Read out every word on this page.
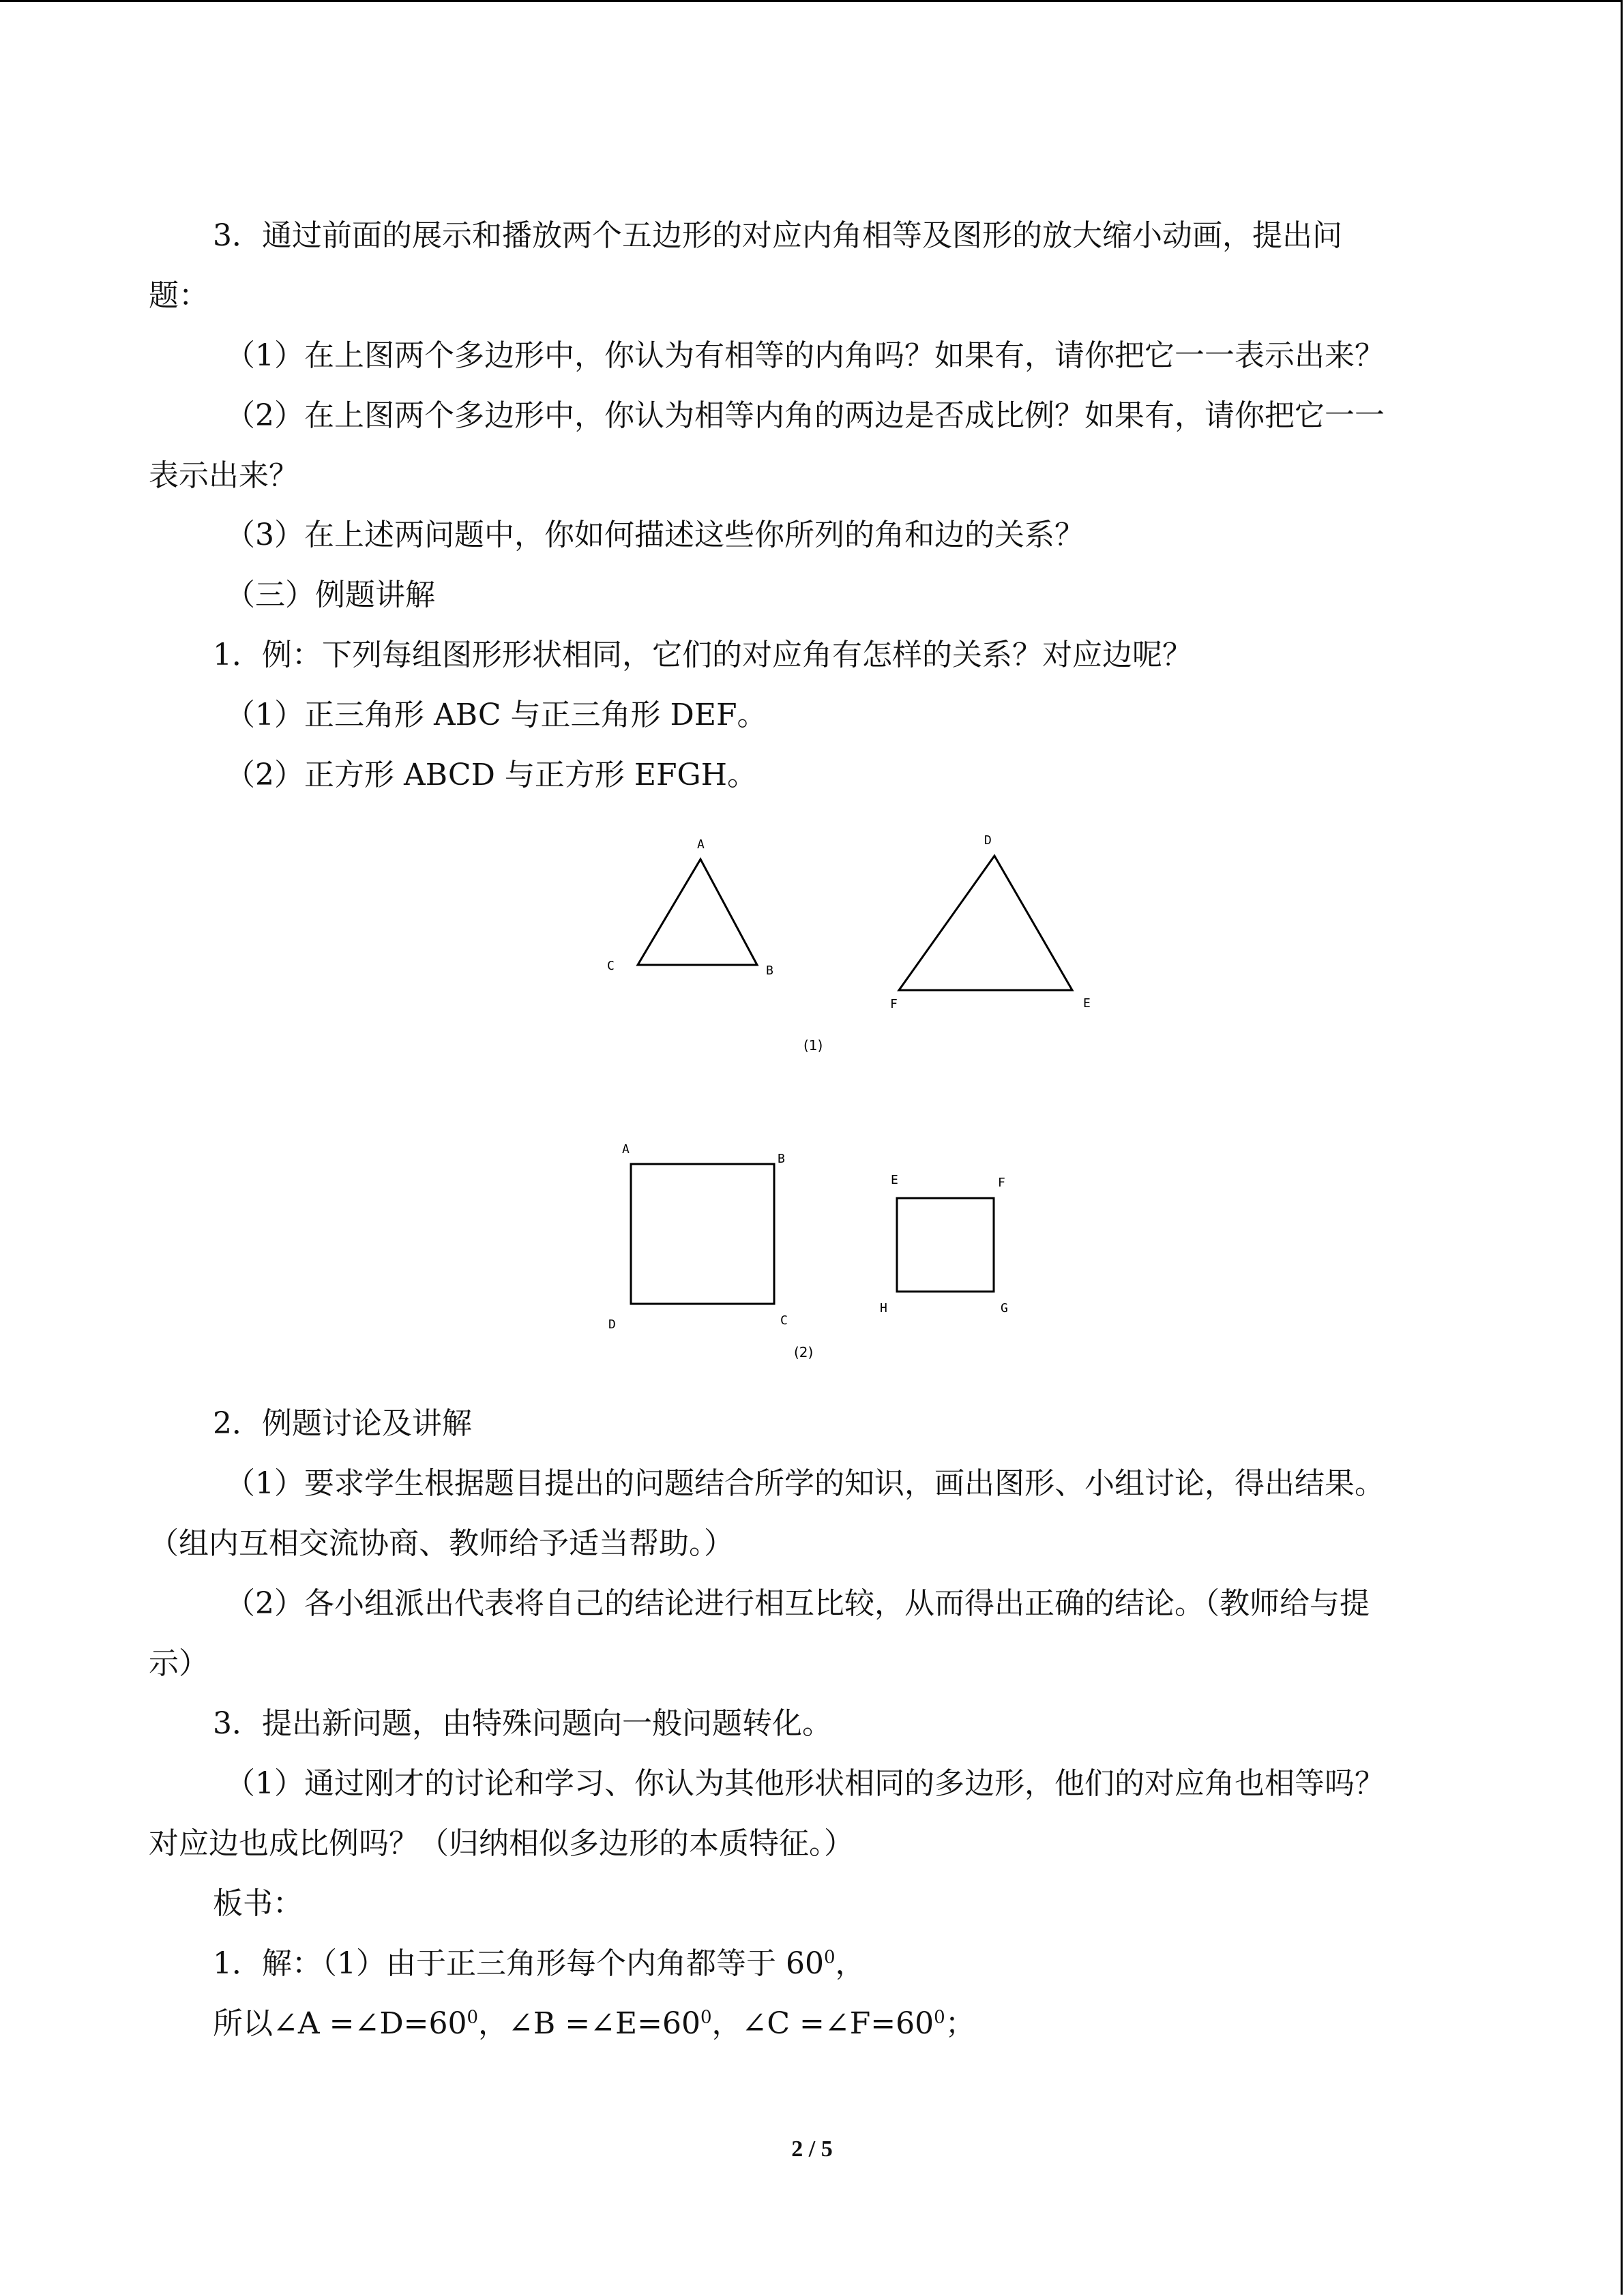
3．通过前面的展示和播放两个五边形的对应内角相等及图形的放大缩小动画，提出问
题：
（1）在上图两个多边形中，你认为有相等的内角吗？如果有，请你把它一一表示出来？
（2）在上图两个多边形中，你认为相等内角的两边是否成比例？如果有，请你把它一一
表示出来？
（3）在上述两问题中，你如何描述这些你所列的角和边的关系？
（三）例题讲解
1．例：下列每组图形形状相同，它们的对应角有怎样的关系？对应边呢？
（1）正三角形 ABC 与正三角形 DEF。
（2）正方形 ABCD 与正方形 EFGH。
A
B
C
D
E
F
(1)
A
B
C
D
E	F
G
H
(2)
2．例题讨论及讲解
（1）要求学生根据题目提出的问题结合所学的知识，画出图形、小组讨论，得出结果。
（组内互相交流协商、教师给予适当帮助。）
（2）各小组派出代表将自己的结论进行相互比较，从而得出正确的结论。（教师给与提
示）
3．提出新问题，由特殊问题向一般问题转化。
（1）通过刚才的讨论和学习、你认为其他形状相同的多边形，他们的对应角也相等吗？
对应边也成比例吗？（归纳相似多边形的本质特征。）
板书：
1．解：（1）由于正三角形每个内角都等于 $60^0$，
所以∠A $=\angle D=60^0$，∠B $=\angle E=60^0$，∠C $=\angle F=60^0$；
2 / 5
